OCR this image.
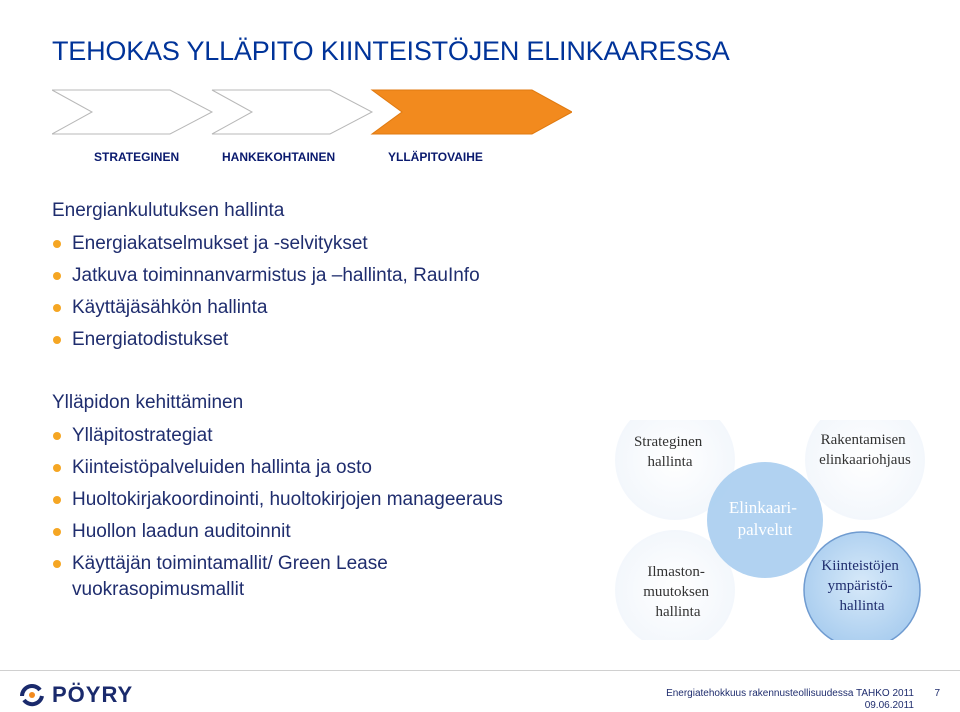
TEHOKAS YLLÄPITO KIINTEISTÖJEN ELINKAARESSA
STRATEGINEN	HANKEKOHTAINEN	YLLÄPITOVAIHE
Energiankulutuksen hallinta
Energiakatselmukset ja -selvitykset
Jatkuva toiminnanvarmistus ja –hallinta, RauInfo
Käyttäjäsähkön hallinta
Energiatodistukset
Ylläpidon kehittäminen
Ylläpitostrategiat
Kiinteistöpalveluiden hallinta ja osto
Huoltokirjakoordinointi, huoltokirjojen manageeraus
Huollon laadun auditoinnit
Käyttäjän toimintamallit/ Green Lease vuokrasopimusmallit
Strateginen hallinta
Rakentamisen elinkaariohjaus
Elinkaari- palvelut
Ilmaston- muutoksen hallinta
Kiinteistöjen ympäristö- hallinta
PÖYRY	Energiatehokkuus rakennusteollisuudessa TAHKO 2011
09.06.2011
7
